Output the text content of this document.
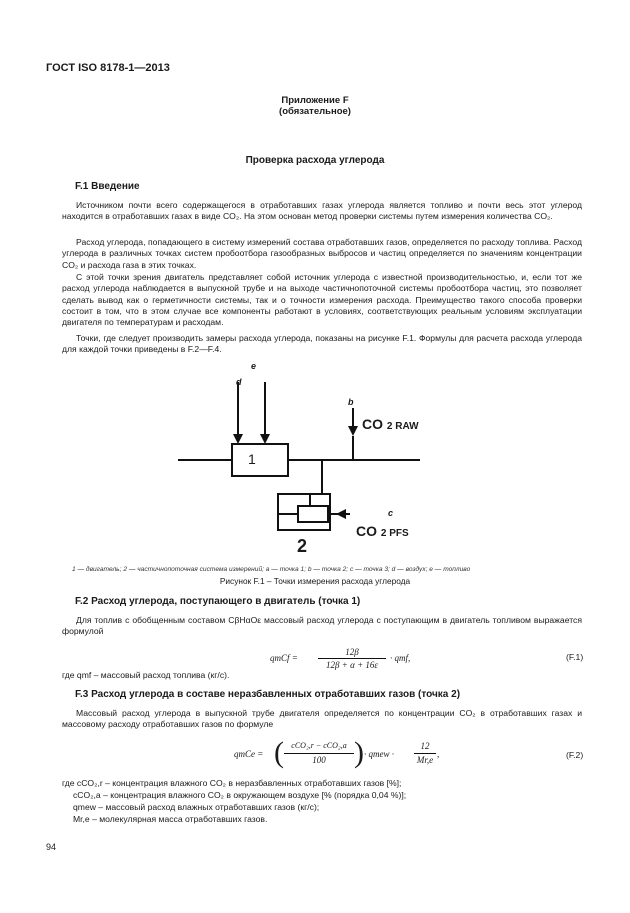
ГОСТ ISO 8178-1—2013
Приложение F
(обязательное)
Проверка расхода углерода
F.1 Введение
Источником почти всего содержащегося в отработавших газах углерода является топливо и почти весь этот углерод находится в отработавших газах в виде CO₂. На этом основан метод проверки системы путем измерения количества CO₂.
Расход углерода, попадающего в систему измерений состава отработавших газов, определяется по расходу топлива. Расход углерода в различных точках систем пробоотбора газообразных выбросов и частиц определяется по значениям концентрации CO₂ и расхода газа в этих точках.
С этой точки зрения двигатель представляет собой источник углерода с известной производительностью, и, если тот же расход углерода наблюдается в выпускной трубе и на выходе частичнопоточной системы пробоотбора частиц, это позволяет сделать вывод как о герметичности системы, так и о точности измерения расхода. Преимущество такого способа проверки состоит в том, что в этом случае все компоненты работают в условиях, соответствующих реальным условиям эксплуатации двигателя по температурам и расходам.
Точки, где следует производить замеры расхода углерода, показаны на рисунке F.1. Формулы для расчета расхода углерода для каждой точки приведены в F.2—F.4.
d
e
b
c
1
2
CO 2 RAW
CO 2 PFS
1 — двигатель; 2 — частичнопоточная система измерений; a — точка 1; b — точка 2; c — точка 3; d — воздух; e — топливо
Рисунок F.1 – Точки измерения расхода углерода
F.2 Расход углерода, поступающего в двигатель (точка 1)
Для топлив с обобщенным составом CβHαOε массовый расход углерода с поступающим в двигатель топливом выражается формулой
qmCf =
12β
12β + α + 16ε
· qmf,	(F.1)
где qmf – массовый расход топлива (кг/с).
F.3 Расход углерода в составе неразбавленных отработавших газов (точка 2)
Массовый расход углерода в выпускной трубе двигателя определяется по концентрации CO₂ в отработавших газах и массовому расходу отработавших газов по формуле
qmCe = ( cCO₂,r − cCO₂,a
100 ) · qmew ·
12
Mr,e
,	(F.2)
где cCO₂,r – концентрация влажного CO₂ в неразбавленных отработавших газов [%];
cCO₂,a – концентрация влажного CO₂ в окружающем воздухе [% (порядка 0,04 %)];
qmew – массовый расход влажных отработавших газов (кг/с);
Mr,e – молекулярная масса отработавших газов.
94
